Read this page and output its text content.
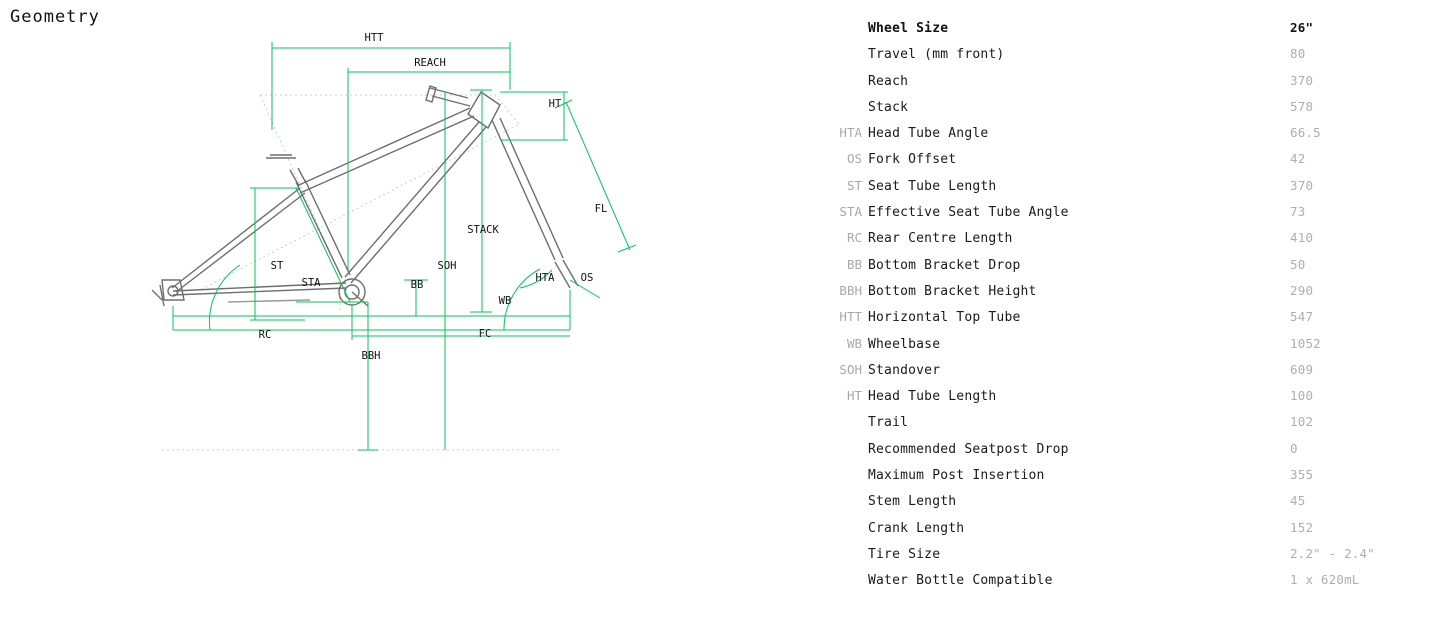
Geometry
HTT
REACH
HT
FL
STACK
ST
STA
SOH
BB
HTA OS
WB
RC	FC
BBH
Wheel Size	26"
Travel (mm front)	80
Reach	370
Stack	578
HTA Head Tube Angle	66.5
OS Fork Offset	42
ST Seat Tube Length	370
STA Effective Seat Tube Angle	73
RC Rear Centre Length	410
BB Bottom Bracket Drop	50
BBH Bottom Bracket Height	290
HTT Horizontal Top Tube	547
WB Wheelbase	1052
SOH Standover	609
HT Head Tube Length	100
Trail	102
Recommended Seatpost Drop	0
Maximum Post Insertion	355
Stem Length	45
Crank Length	152
Tire Size	2.2" - 2.4"
Water Bottle Compatible	1 x 620mL
